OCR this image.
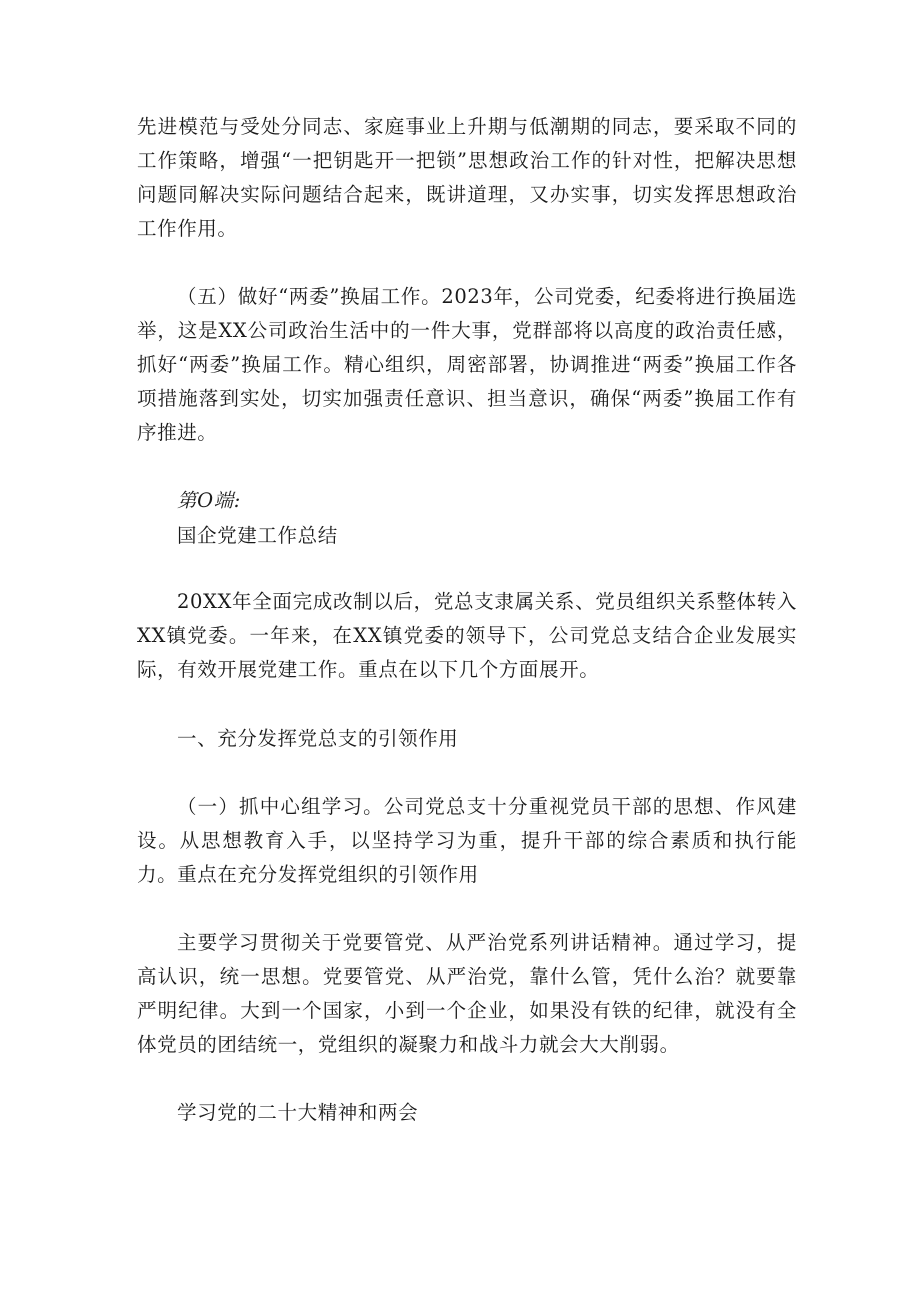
先进模范与受处分同志、家庭事业上升期与低潮期的同志，要采取不同的工作策略，增强“一把钥匙开一把锁”思想政治工作的针对性，把解决思想问题同解决实际问题结合起来，既讲道理，又办实事，切实发挥思想政治工作作用。

（五）做好“两委”换届工作。2023年，公司党委，纪委将进行换届选举，这是XX公司政治生活中的一件大事，党群部将以高度的政治责任感，抓好“两委”换届工作。精心组织，周密部署，协调推进“两委”换届工作各项措施落到实处，切实加强责任意识、担当意识，确保“两委”换届工作有序推进。

第O端:

国企党建工作总结

20XX年全面完成改制以后，党总支隶属关系、党员组织关系整体转入XX镇党委。一年来，在XX镇党委的领导下，公司党总支结合企业发展实际，有效开展党建工作。重点在以下几个方面展开。

一、充分发挥党总支的引领作用

（一）抓中心组学习。公司党总支十分重视党员干部的思想、作风建设。从思想教育入手，以坚持学习为重，提升干部的综合素质和执行能力。重点在充分发挥党组织的引领作用

主要学习贯彻关于党要管党、从严治党系列讲话精神。通过学习，提高认识，统一思想。党要管党、从严治党，靠什么管，凭什么治？就要靠严明纪律。大到一个国家，小到一个企业，如果没有铁的纪律，就没有全体党员的团结统一，党组织的凝聚力和战斗力就会大大削弱。

学习党的二十大精神和两会
